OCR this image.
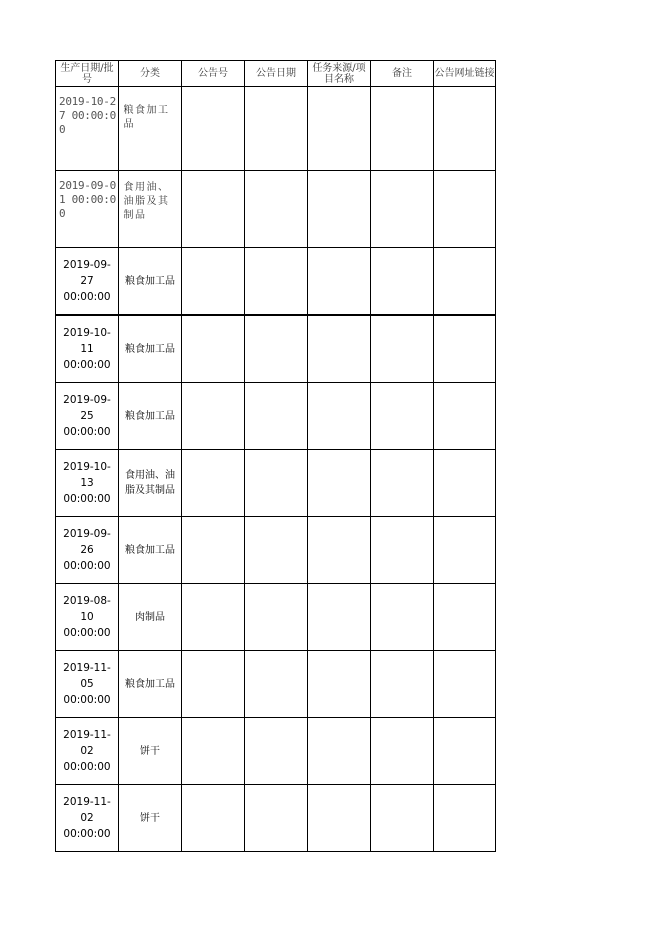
生产日期/批号	分类	公告号	公告日期	任务来源/项目名称	备注	公告网址链接

2019-10-27 00:00:00	粮食加工品					

2019-09-01 00:00:00	食用油、油脂及其制品					

2019-09-27 00:00:00	粮食加工品					

2019-10-11 00:00:00	粮食加工品					

2019-09-25 00:00:00	粮食加工品					

2019-10-13 00:00:00	食用油、油脂及其制品					

2019-09-26 00:00:00	粮食加工品					

2019-08-10 00:00:00	肉制品					

2019-11-05 00:00:00	粮食加工品					

2019-11-02 00:00:00	饼干					

2019-11-02 00:00:00	饼干					
